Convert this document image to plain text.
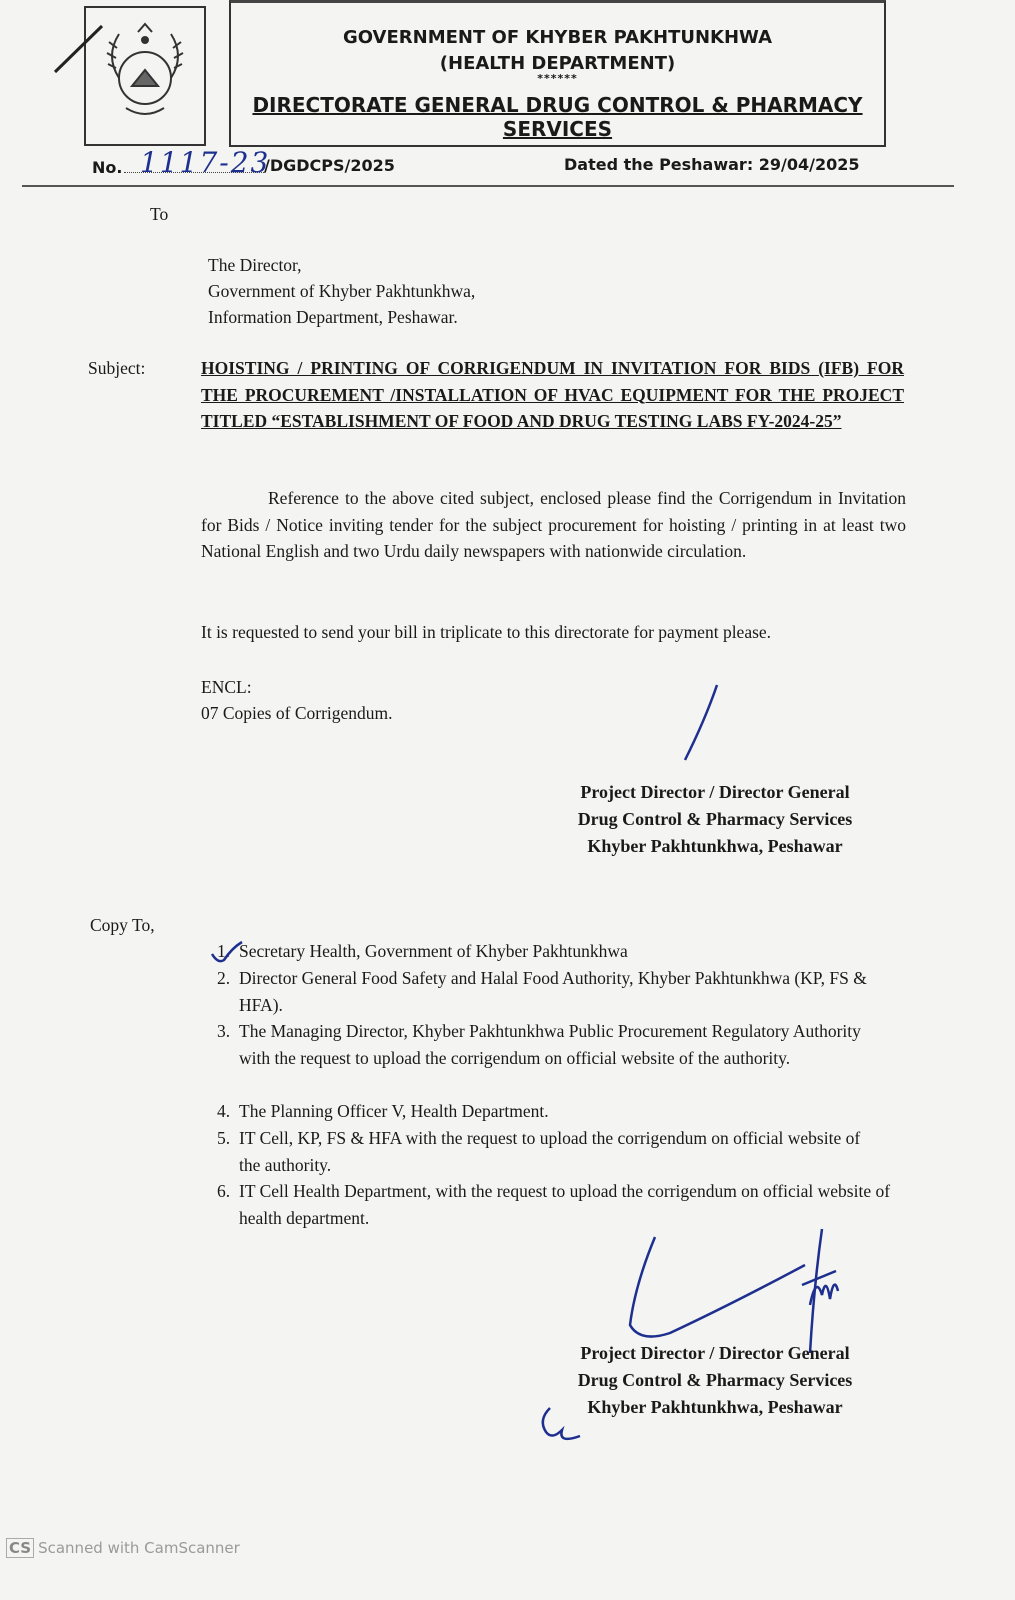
GOVERNMENT OF KHYBER PAKHTUNKHWA
(HEALTH DEPARTMENT)
******
DIRECTORATE GENERAL DRUG CONTROL & PHARMACY SERVICES
No. 1117-23
/DGDCPS/2025	Dated the Peshawar: 29/04/2025
To
The Director,
Government of Khyber Pakhtunkhwa,
Information Department, Peshawar.
Subject:	HOISTING / PRINTING OF CORRIGENDUM IN INVITATION FOR BIDS (IFB) FOR THE PROCUREMENT /INSTALLATION OF HVAC EQUIPMENT FOR THE PROJECT TITLED “ESTABLISHMENT OF FOOD AND DRUG TESTING LABS FY-2024-25”
Reference to the above cited subject, enclosed please find the Corrigendum in Invitation for Bids / Notice inviting tender for the subject procurement for hoisting / printing in at least two National English and two Urdu daily newspapers with nationwide circulation.
It is requested to send your bill in triplicate to this directorate for payment please.
ENCL:
07 Copies of Corrigendum.
Project Director / Director General
Drug Control & Pharmacy Services
Khyber Pakhtunkhwa, Peshawar
Copy To,
1. Secretary Health, Government of Khyber Pakhtunkhwa
2. Director General Food Safety and Halal Food Authority, Khyber Pakhtunkhwa (KP, FS & HFA).
3. The Managing Director, Khyber Pakhtunkhwa Public Procurement Regulatory Authority with the request to upload the corrigendum on official website of the authority.
4. The Planning Officer V, Health Department.
5. IT Cell, KP, FS & HFA with the request to upload the corrigendum on official website of the authority.
6. IT Cell Health Department, with the request to upload the corrigendum on official website of health department.
Project Director / Director General
Drug Control & Pharmacy Services
Khyber Pakhtunkhwa, Peshawar
CS Scanned with CamScanner
